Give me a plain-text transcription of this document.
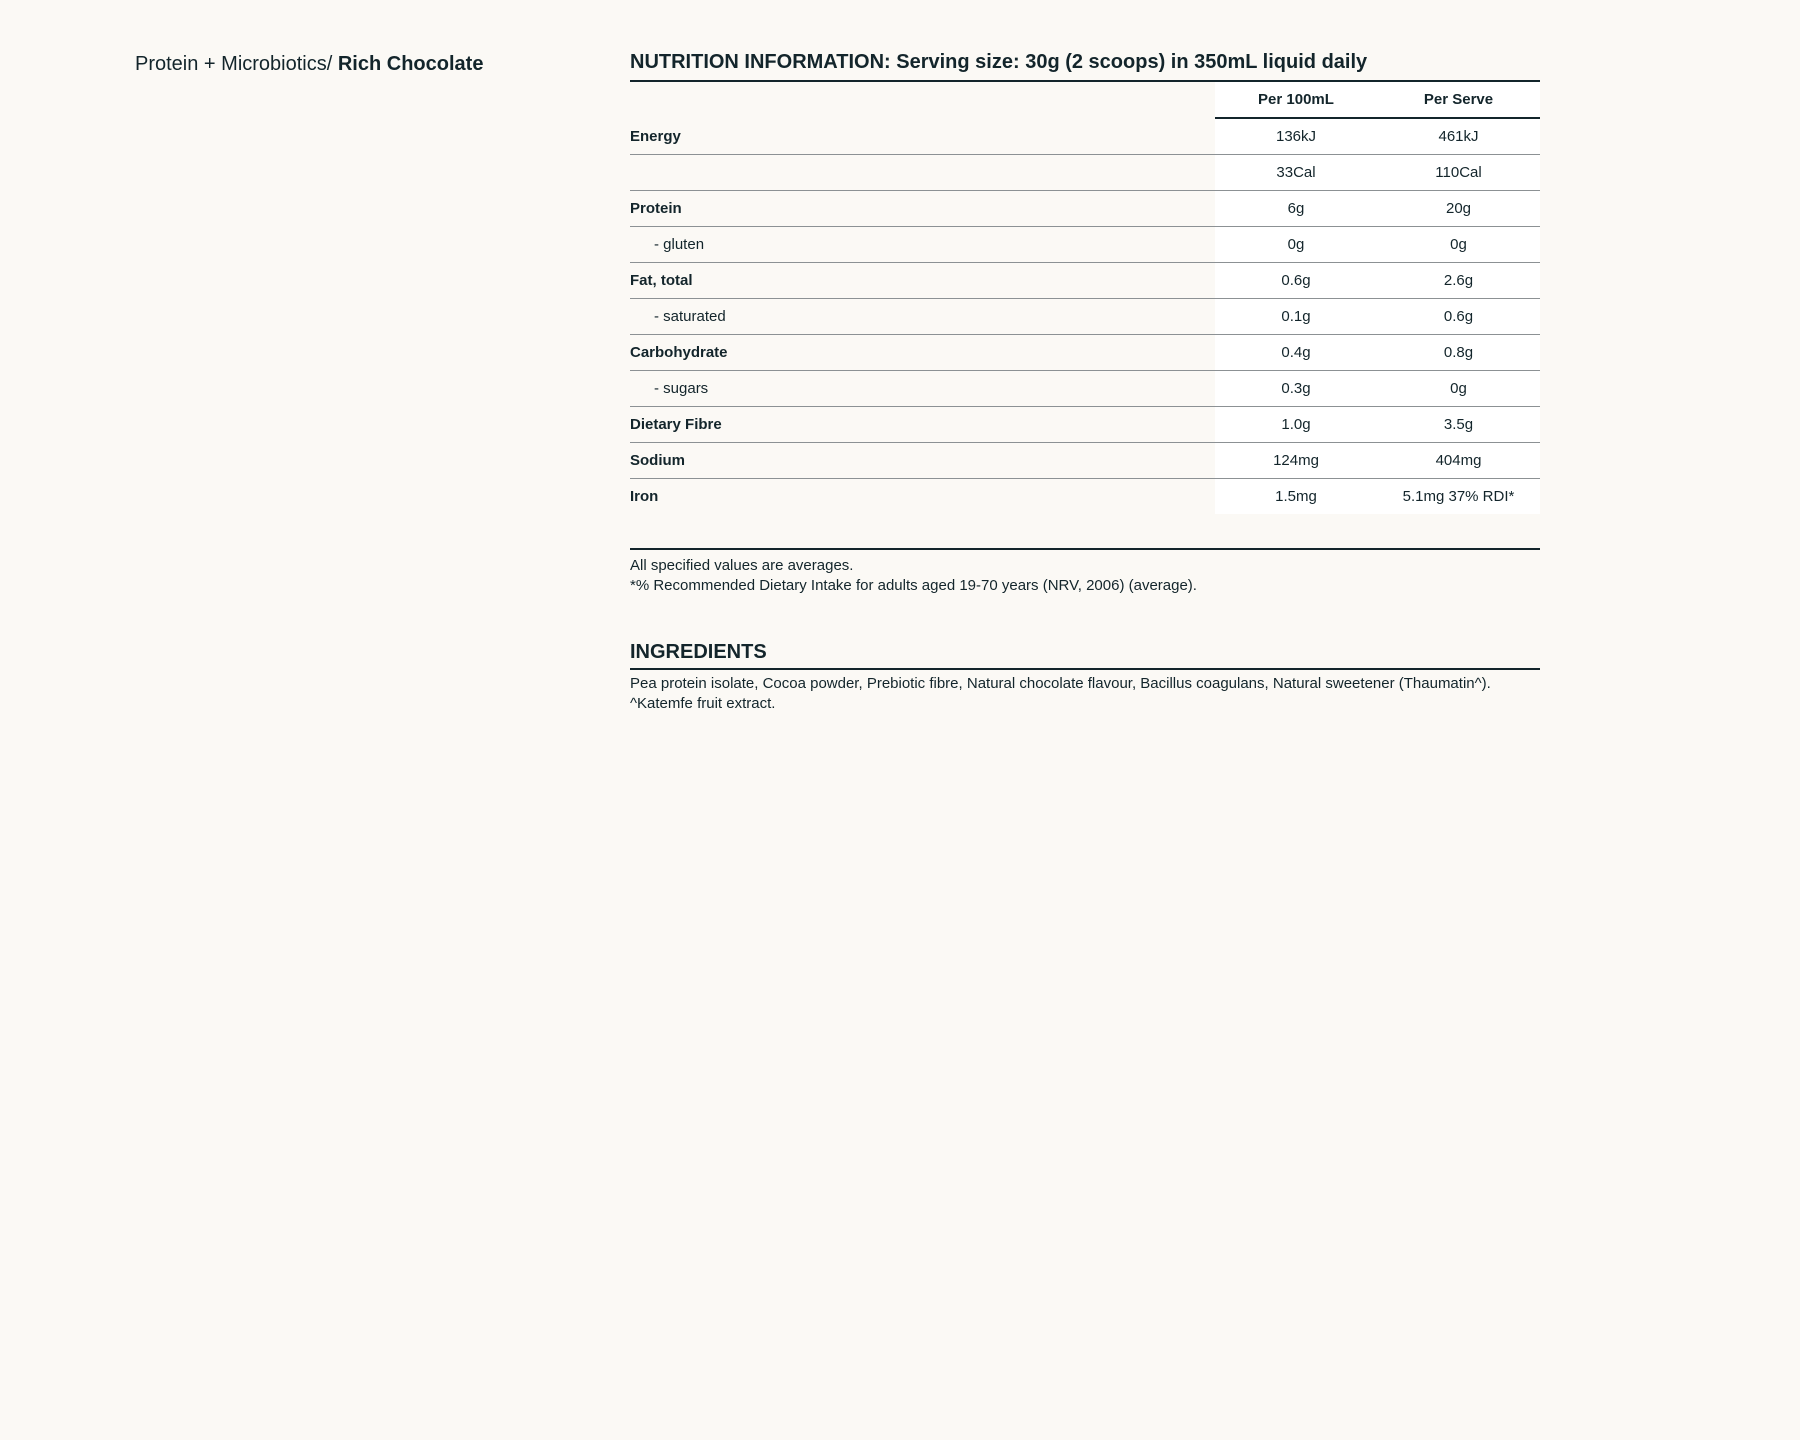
Protein + Microbiotics/ Rich Chocolate	NUTRITION INFORMATION: Serving size: 30g (2 scoops) in 350mL liquid daily
	Per 100mL	Per Serve
Energy	136kJ	461kJ
	33Cal	110Cal
Protein	6g	20g
- gluten	0g	0g
Fat, total	0.6g	2.6g
- saturated	0.1g	0.6g
Carbohydrate	0.4g	0.8g
- sugars	0.3g	0g
Dietary Fibre	1.0g	3.5g
Sodium	124mg	404mg
Iron	1.5mg	5.1mg 37% RDI*

All specified values are averages.

*% Recommended Dietary Intake for adults aged 19-70 years (NRV, 2006) (average).

INGREDIENTS

Pea protein isolate, Cocoa powder, Prebiotic fibre, Natural chocolate flavour, Bacillus coagulans, Natural sweetener (Thaumatin^).

^Katemfe fruit extract.
